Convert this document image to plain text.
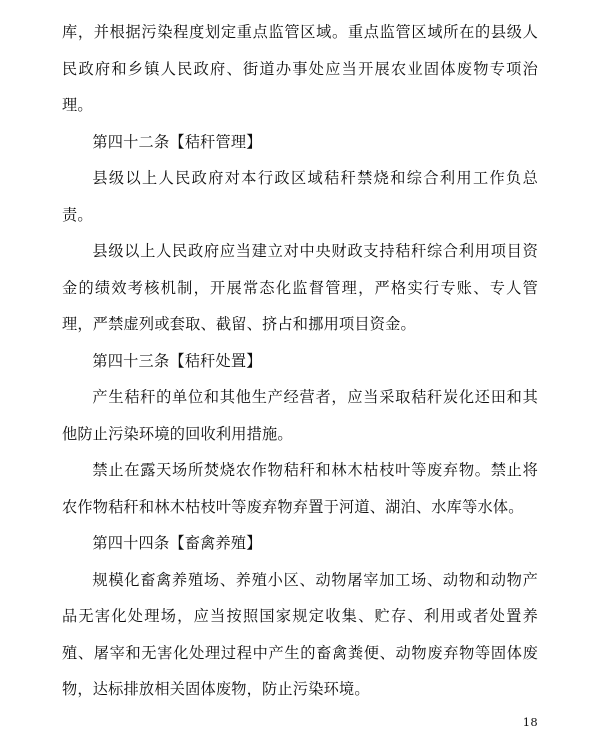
库，并根据污染程度划定重点监管区域。重点监管区域所在的县级人民政府和乡镇人民政府、街道办事处应当开展农业固体废物专项治理。

第四十二条【秸秆管理】

县级以上人民政府对本行政区域秸秆禁烧和综合利用工作负总责。

县级以上人民政府应当建立对中央财政支持秸秆综合利用项目资金的绩效考核机制，开展常态化监督管理，严格实行专账、专人管理，严禁虚列或套取、截留、挤占和挪用项目资金。

第四十三条【秸秆处置】

产生秸秆的单位和其他生产经营者，应当采取秸秆炭化还田和其他防止污染环境的回收利用措施。

禁止在露天场所焚烧农作物秸秆和林木枯枝叶等废弃物。禁止将农作物秸秆和林木枯枝叶等废弃物弃置于河道、湖泊、水库等水体。

第四十四条【畜禽养殖】

规模化畜禽养殖场、养殖小区、动物屠宰加工场、动物和动物产品无害化处理场，应当按照国家规定收集、贮存、利用或者处置养殖、屠宰和无害化处理过程中产生的畜禽粪便、动物废弃物等固体废物，达标排放相关固体废物，防止污染环境。

18
